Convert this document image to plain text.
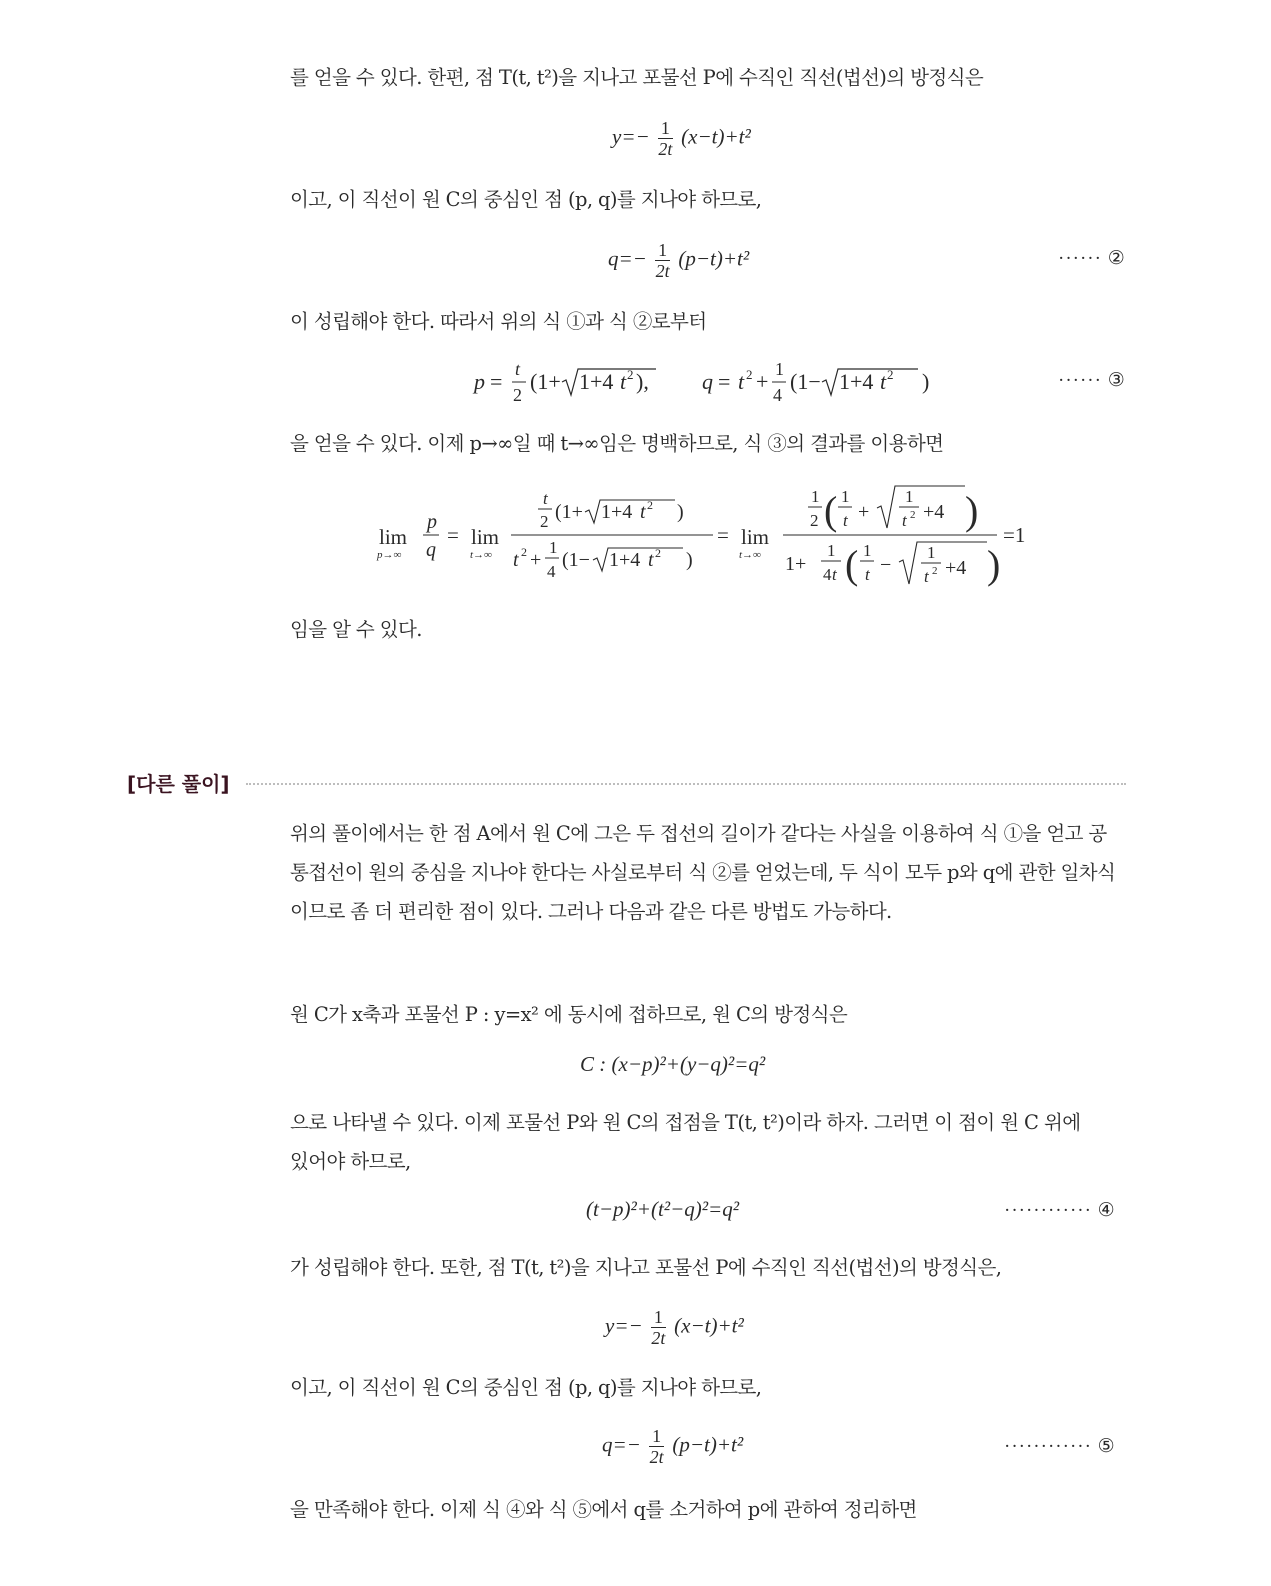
를 얻을 수 있다. 한편, 점 T(t, t²)을 지나고 포물선 P에 수직인 직선(법선)의 방정식은
$y=- \frac{1}{2t} (x-t)+t^2$
이고, 이 직선이 원 C의 중심인 점 (p, q)를 지나야 하므로,
$q=- \frac{1}{2t} (p-t)+t^2$	······ ②
이 성립해야 한다. 따라서 위의 식 ①과 식 ②로부터
p = t
2
(1+ 1+4 t 2 ), q = t 2 + 1
4
(1− 1+4 t 2 )	······ ③
을 얻을 수 있다. 이제 p→∞일 때 t→∞임은 명백하므로, 식 ③의 결과를 이용하면
lim
p→∞
p
q
= lim
t→∞
t
2 (1+ 1+4 t 2 )
t 2 +
1
4
(1− 1+4 t 2 )
= lim
t→∞
1
2 ( 1
t +
1
t 2 +4 )
1+
1
4 t ( 1
t −
1
t 2 +4 )
=1
임을 알 수 있다.
[다른 풀이]
위의 풀이에서는 한 점 A에서 원 C에 그은 두 접선의 길이가 같다는 사실을 이용하여 식 ①을 얻고 공
통접선이 원의 중심을 지나야 한다는 사실로부터 식 ②를 얻었는데, 두 식이 모두 p와 q에 관한 일차식
이므로 좀 더 편리한 점이 있다. 그러나 다음과 같은 다른 방법도 가능하다.
원 C가 x축과 포물선 P : y=x² 에 동시에 접하므로, 원 C의 방정식은
C : (x−p)²+(y−q)²=q²
으로 나타낼 수 있다. 이제 포물선 P와 원 C의 접점을 T(t, t²)이라 하자. 그러면 이 점이 원 C 위에
있어야 하므로,
(t−p)²+(t²−q)²=q²	············ ④
가 성립해야 한다. 또한, 점 T(t, t²)을 지나고 포물선 P에 수직인 직선(법선)의 방정식은,
$y=- \frac{1}{2t} (x-t)+t^2$
이고, 이 직선이 원 C의 중심인 점 (p, q)를 지나야 하므로,
$q=- \frac{1}{2t} (p-t)+t^2$	············ ⑤
을 만족해야 한다. 이제 식 ④와 식 ⑤에서 q를 소거하여 p에 관하여 정리하면
